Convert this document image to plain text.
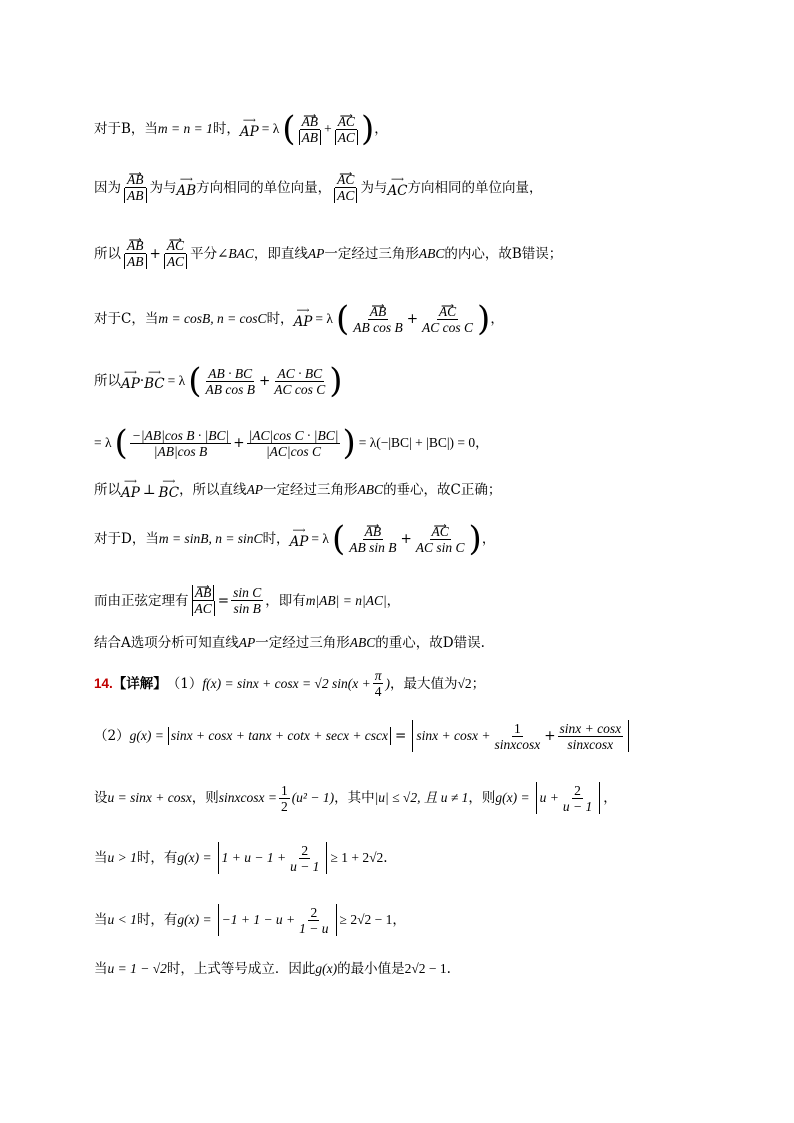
对于B，当 m = n = 1 时， ⟶ AP = λ ( ⟶ $\frac{AB}{AB}$ + ⟶ $\frac{AC}{AC}$ ) ，
因为 ⟶ $\frac{AB}{AB}$ 为与 ⟶ AB 方向相同的单位向量， ⟶ $\frac{AC}{AC}$ 为与 ⟶ AC 方向相同的单位向量，
所以 ⟶ $\frac{AB}{AB}$ + ⟶ $\frac{AC}{AC}$ 平分∠ BAC ，即直线 AP 一定经过三角形 ABC 的内心，故B错误；
对于C，当 m = cosB, n = cosC 时， ⟶ AP = λ ( ⟶ $\frac{AB}{\text{AB cos B}}$ + ⟶ $\frac{AC}{\text{AC cos C}}$ ) ，
所以 ⟶ AP · ⟶ BC = λ ( $\frac{AB \cdot BC}{\text{AB cos B}} + \frac{AC \cdot BC}{\text{AC cos C}}$ )
= λ ( $\frac{\text{−|AB|cos B · |BC|}}{\text{|AB|cos B}} + \frac{\text{|AC|cos C · |BC|}}{\text{|AC|cos C}}$ ) = λ(−|BC| + |BC|) = 0 ，
所以 ⟶ AP ⊥ ⟶ BC ，所以直线 AP 一定经过三角形 ABC 的垂心，故C正确；
对于D，当 m = sinB, n = sinC 时， ⟶ AP = λ ( ⟶ $\frac{AB}{\text{AB sin B}}$ + ⟶ $\frac{AC}{\text{AC sin C}}$ ) ，
而由正弦定理有 ⟶ $\frac{AB}{AC} = \frac{\text{sin C}}{\text{sin B}}$ ，即有 m|AB| = n|AC| ，
结合A选项分析可知直线 AP 一定经过三角形 ABC 的重心，故D错误.
14. 【详解】 （1） f(x) = sinx + cosx = √2 $\sin(x + \frac{\pi}{4}$ ) ，最大值为 √2 ；
（2） $g(x) = \sin x + \cos x + \tan x + \cot x + \sec x + \csc x = \sin x + \cos x + \frac{1}{\text{sinxcosx}} + \frac{\sin x + \cos x}{\text{sinxcosx}}$
设 u = sinx + cosx ，则 sinxcosx = $\frac{1}{2} (u^2 - 1)$ ，其中 |u| ≤ √2, 且 u ≠ 1 ，则 $g(x) = u + \frac{2}{u - 1}$ ，
当 u > 1 时，有 $g(x) = 1 + u - 1 + \frac{2}{u - 1} \ge 1 + 2√2$ .
当 u < 1 时，有 $g(x) = -1 + 1 - u + \frac{2}{1 - u} \ge 2√2 - 1$ ，
当 u = 1 − √2 时，上式等号成立．因此 g(x) 的最小值是 2√2 − 1 .
